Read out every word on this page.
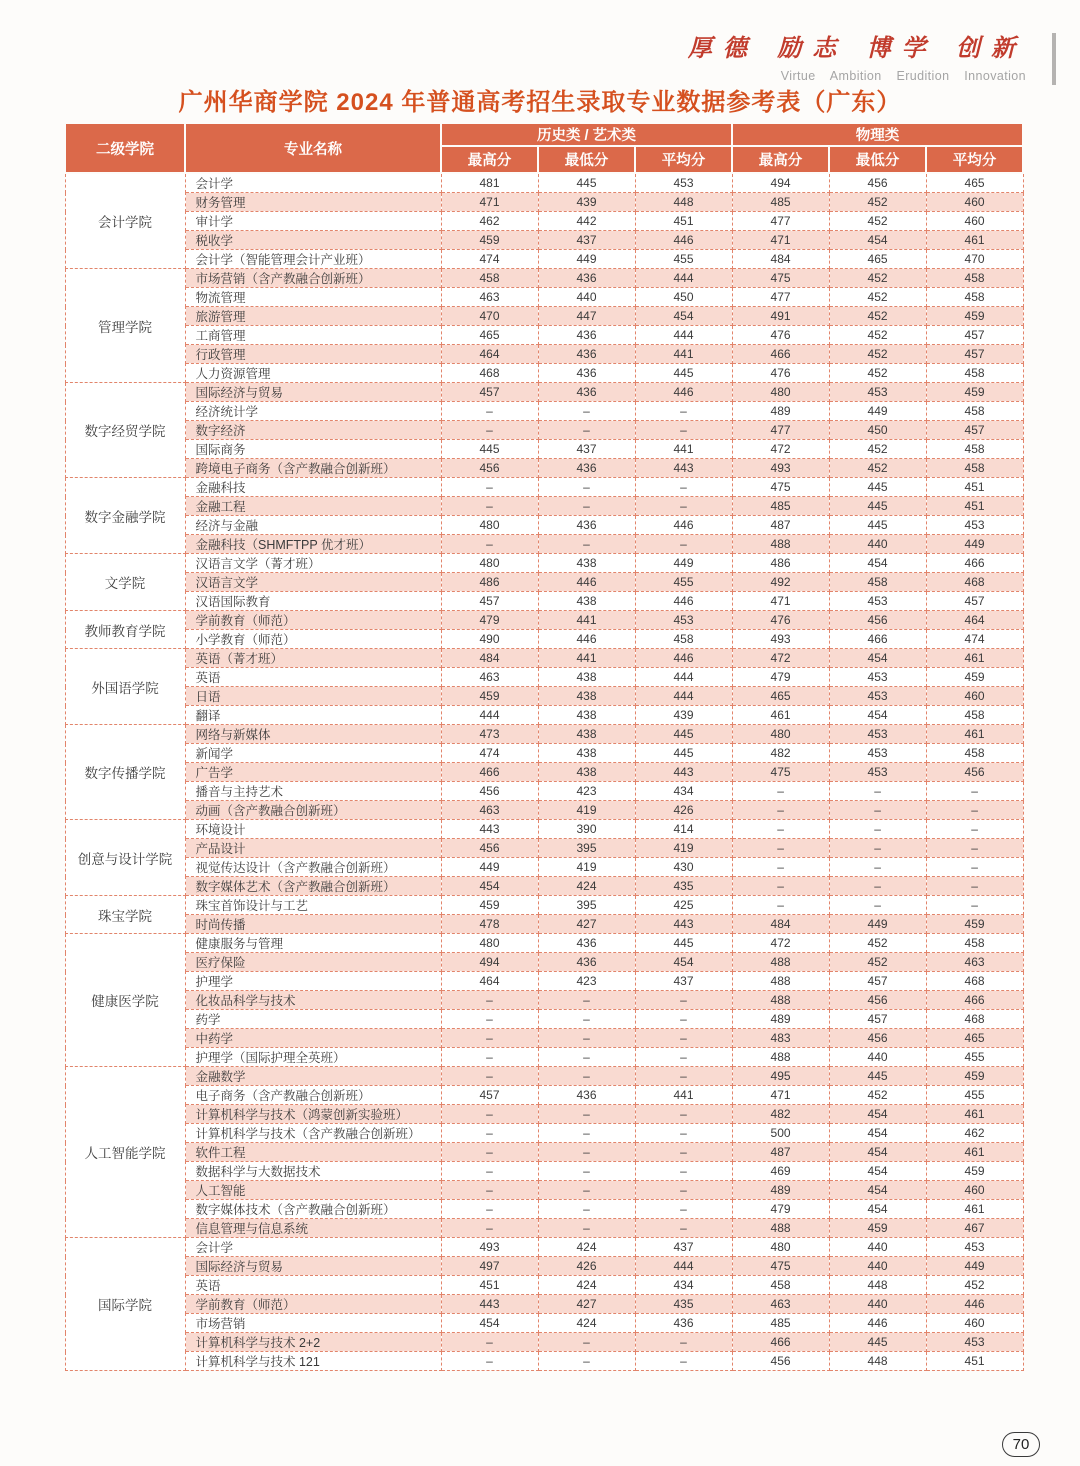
厚德 励志 博学 创新
Virtue Ambition Erudition Innovation
广州华商学院 2024 年普通高考招生录取专业数据参考表（广东）
二级学院	专业名称	历史类 / 艺术类			物理类		
		最高分	最低分	平均分	最高分	最低分	平均分
会计学院	会计学	481	445	453	494	456	465
	财务管理	471	439	448	485	452	460
	审计学	462	442	451	477	452	460
	税收学	459	437	446	471	454	461
	会计学（智能管理会计产业班）	474	449	455	484	465	470
管理学院	市场营销（含产教融合创新班）	458	436	444	475	452	458
	物流管理	463	440	450	477	452	458
	旅游管理	470	447	454	491	452	459
	工商管理	465	436	444	476	452	457
	行政管理	464	436	441	466	452	457
	人力资源管理	468	436	445	476	452	458
数字经贸学院	国际经济与贸易	457	436	446	480	453	459
	经济统计学	–	–	–	489	449	458
	数字经济	–	–	–	477	450	457
	国际商务	445	437	441	472	452	458
	跨境电子商务（含产教融合创新班）	456	436	443	493	452	458
数字金融学院	金融科技	–	–	–	475	445	451
	金融工程	–	–	–	485	445	451
	经济与金融	480	436	446	487	445	453
	金融科技（SHMFTPP 优才班）	–	–	–	488	440	449
文学院	汉语言文学（菁才班）	480	438	449	486	454	466
	汉语言文学	486	446	455	492	458	468
	汉语国际教育	457	438	446	471	453	457
教师教育学院	学前教育（师范）	479	441	453	476	456	464
	小学教育（师范）	490	446	458	493	466	474
外国语学院	英语（菁才班）	484	441	446	472	454	461
	英语	463	438	444	479	453	459
	日语	459	438	444	465	453	460
	翻译	444	438	439	461	454	458
数字传播学院	网络与新媒体	473	438	445	480	453	461
	新闻学	474	438	445	482	453	458
	广告学	466	438	443	475	453	456
	播音与主持艺术	456	423	434	–	–	–
	动画（含产教融合创新班）	463	419	426	–	–	–
创意与设计学院	环境设计	443	390	414	–	–	–
	产品设计	456	395	419	–	–	–
	视觉传达设计（含产教融合创新班）	449	419	430	–	–	–
	数字媒体艺术（含产教融合创新班）	454	424	435	–	–	–
珠宝学院	珠宝首饰设计与工艺	459	395	425	–	–	–
	时尚传播	478	427	443	484	449	459
健康医学院	健康服务与管理	480	436	445	472	452	458
	医疗保险	494	436	454	488	452	463
	护理学	464	423	437	488	457	468
	化妆品科学与技术	–	–	–	488	456	466
	药学	–	–	–	489	457	468
	中药学	–	–	–	483	456	465
	护理学（国际护理全英班）	–	–	–	488	440	455
人工智能学院	金融数学	–	–	–	495	445	459
	电子商务（含产教融合创新班）	457	436	441	471	452	455
	计算机科学与技术（鸿蒙创新实验班）	–	–	–	482	454	461
	计算机科学与技术（含产教融合创新班）	–	–	–	500	454	462
	软件工程	–	–	–	487	454	461
	数据科学与大数据技术	–	–	–	469	454	459
	人工智能	–	–	–	489	454	460
	数字媒体技术（含产教融合创新班）	–	–	–	479	454	461
	信息管理与信息系统	–	–	–	488	459	467
国际学院	会计学	493	424	437	480	440	453
	国际经济与贸易	497	426	444	475	440	449
	英语	451	424	434	458	448	452
	学前教育（师范）	443	427	435	463	440	446
	市场营销	454	424	436	485	446	460
	计算机科学与技术 2+2	–	–	–	466	445	453
	计算机科学与技术 121	–	–	–	456	448	451
70
